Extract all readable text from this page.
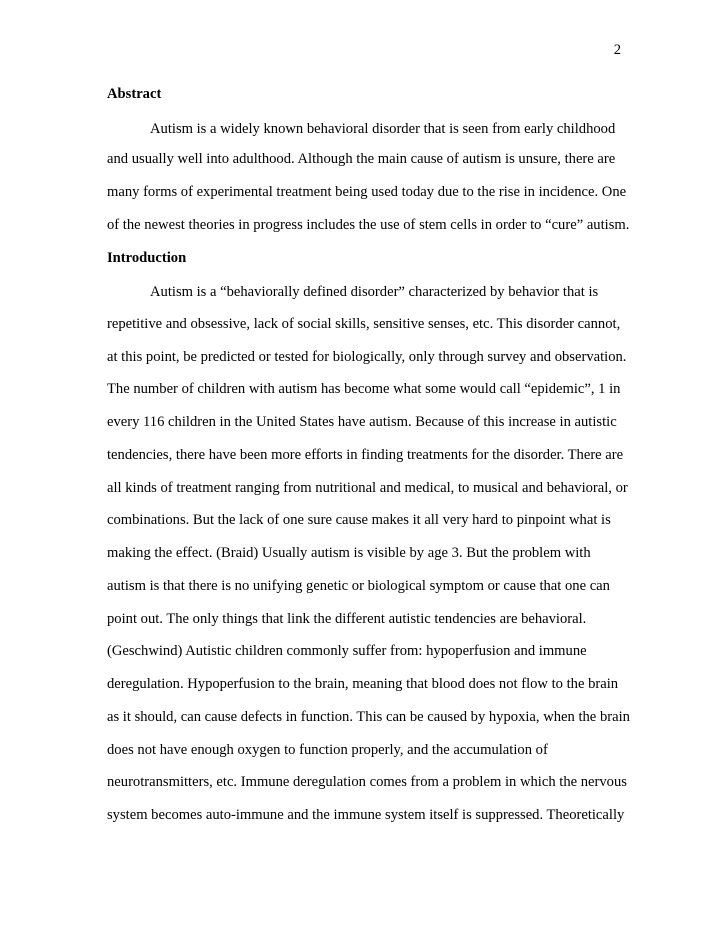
2
Abstract
Autism is a widely known behavioral disorder that is seen from early childhood
and usually well into adulthood. Although the main cause of autism is unsure, there are
many forms of experimental treatment being used today due to the rise in incidence. One
of the newest theories in progress includes the use of stem cells in order to “cure” autism.
Introduction
Autism is a “behaviorally defined disorder” characterized by behavior that is
repetitive and obsessive, lack of social skills, sensitive senses, etc. This disorder cannot,
at this point, be predicted or tested for biologically, only through survey and observation.
The number of children with autism has become what some would call “epidemic”, 1 in
every 116 children in the United States have autism. Because of this increase in autistic
tendencies, there have been more efforts in finding treatments for the disorder. There are
all kinds of treatment ranging from nutritional and medical, to musical and behavioral, or
combinations. But the lack of one sure cause makes it all very hard to pinpoint what is
making the effect. (Braid) Usually autism is visible by age 3. But the problem with
autism is that there is no unifying genetic or biological symptom or cause that one can
point out. The only things that link the different autistic tendencies are behavioral.
(Geschwind) Autistic children commonly suffer from: hypoperfusion and immune
deregulation. Hypoperfusion to the brain, meaning that blood does not flow to the brain
as it should, can cause defects in function. This can be caused by hypoxia, when the brain
does not have enough oxygen to function properly, and the accumulation of
neurotransmitters, etc. Immune deregulation comes from a problem in which the nervous
system becomes auto-immune and the immune system itself is suppressed. Theoretically
